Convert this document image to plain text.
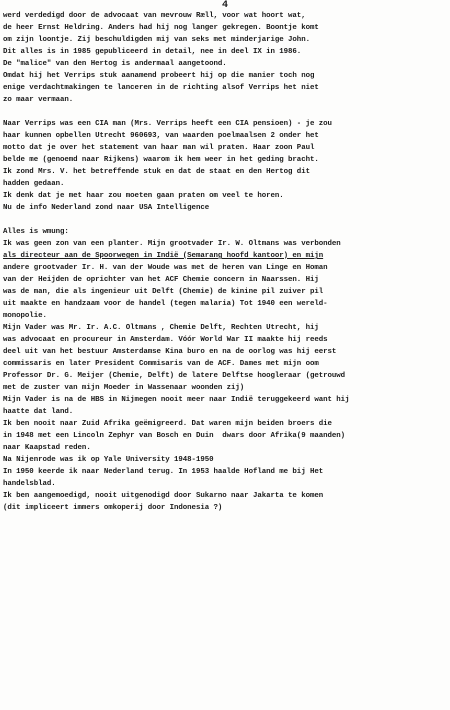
4
werd verdedigd door de advocaat van mevrouw Ræll, voor wat hoort wat,
de heer Ernst Heldring. Anders had hij nog langer gekregen. Boontje komt
om zijn loontje. Zij beschuldigden mij van seks met minderjarige John.
Dit alles is in 1985 gepubliceerd in detail, nee in deel IX in 1986.
De "malice" van den Hertog is andermaal aangetoond.
Omdat hij het Verrips stuk aanamend probeert hij op die manier toch nog
enige verdachtmakingen te lanceren in de richting alsof Verrips het niet
zo maar vermaan.
Naar Verrips was een CIA man (Mrs. Verrips heeft een CIA pensioen) - je zou
haar kunnen opbellen Utrecht 960693, van waarden poelmaalsen 2 onder het
motto dat je over het statement van haar man wil praten. Haar zoon Paul
belde me (genoemd naar Rijkens) waarom ik hem weer in het geding bracht.
Ik zond Mrs. V. het betreffende stuk en dat de staat en den Hertog dit
hadden gedaan.
Ik denk dat je met haar zou moeten gaan praten om veel te horen.
Nu de info Nederland zond naar USA Intelligence
Alles is wmung:
Ik was geen zon van een planter. Mijn grootvader Ir. W. Oltmans was verbonden
als directeur aan de Spoorwegen in Indië (Semarang hoofd kantoor) en mijn
andere grootvader Ir. H. van der Woude was met de heren van Linge en Homan
van der Heijden de oprichter van het ACF Chemie concern in Naarssen. Hij
was de man, die als ingenieur uit Delft (Chemie) de kinine pil zuiver pil
uit maakte en handzaam voor de handel (tegen malaria) Tot 1940 een wereld-
monopolie.
Mijn Vader was Mr. Ir. A.C. Oltmans , Chemie Delft, Rechten Utrecht, hij
was advocaat en procureur in Amsterdam. Vóór World War II maakte hij reeds
deel uit van het bestuur Amsterdamse Kina buro en na de oorlog was hij eerst
commissaris en later President Commisaris van de ACF. Dames met mijn oom
Professor Dr. G. Meijer (Chemie, Delft) de latere Delftse hoogleraar (getrouwd
met de zuster van mijn Moeder in Wassenaar woonden zij)
Mijn Vader is na de HBS in Nijmegen nooit meer naar Indië teruggekeerd want hij
haatte dat land.
Ik ben nooit naar Zuid Afrika geëmigreerd. Dat waren mijn beiden broers die
in 1948 met een Lincoln Zephyr van Bosch en Duin  dwars door Afrika(9 maanden)
naar Kaapstad reden.
Na Nijenrode was ik op Yale University 1948-1950
In 1950 keerde ik naar Nederland terug. In 1953 haalde Hofland me bij Het
handelsblad.
Ik ben aangemoedigd, nooit uitgenodigd door Sukarno naar Jakarta te komen
(dit impliceert immers omkoperij door Indonesia ?)
